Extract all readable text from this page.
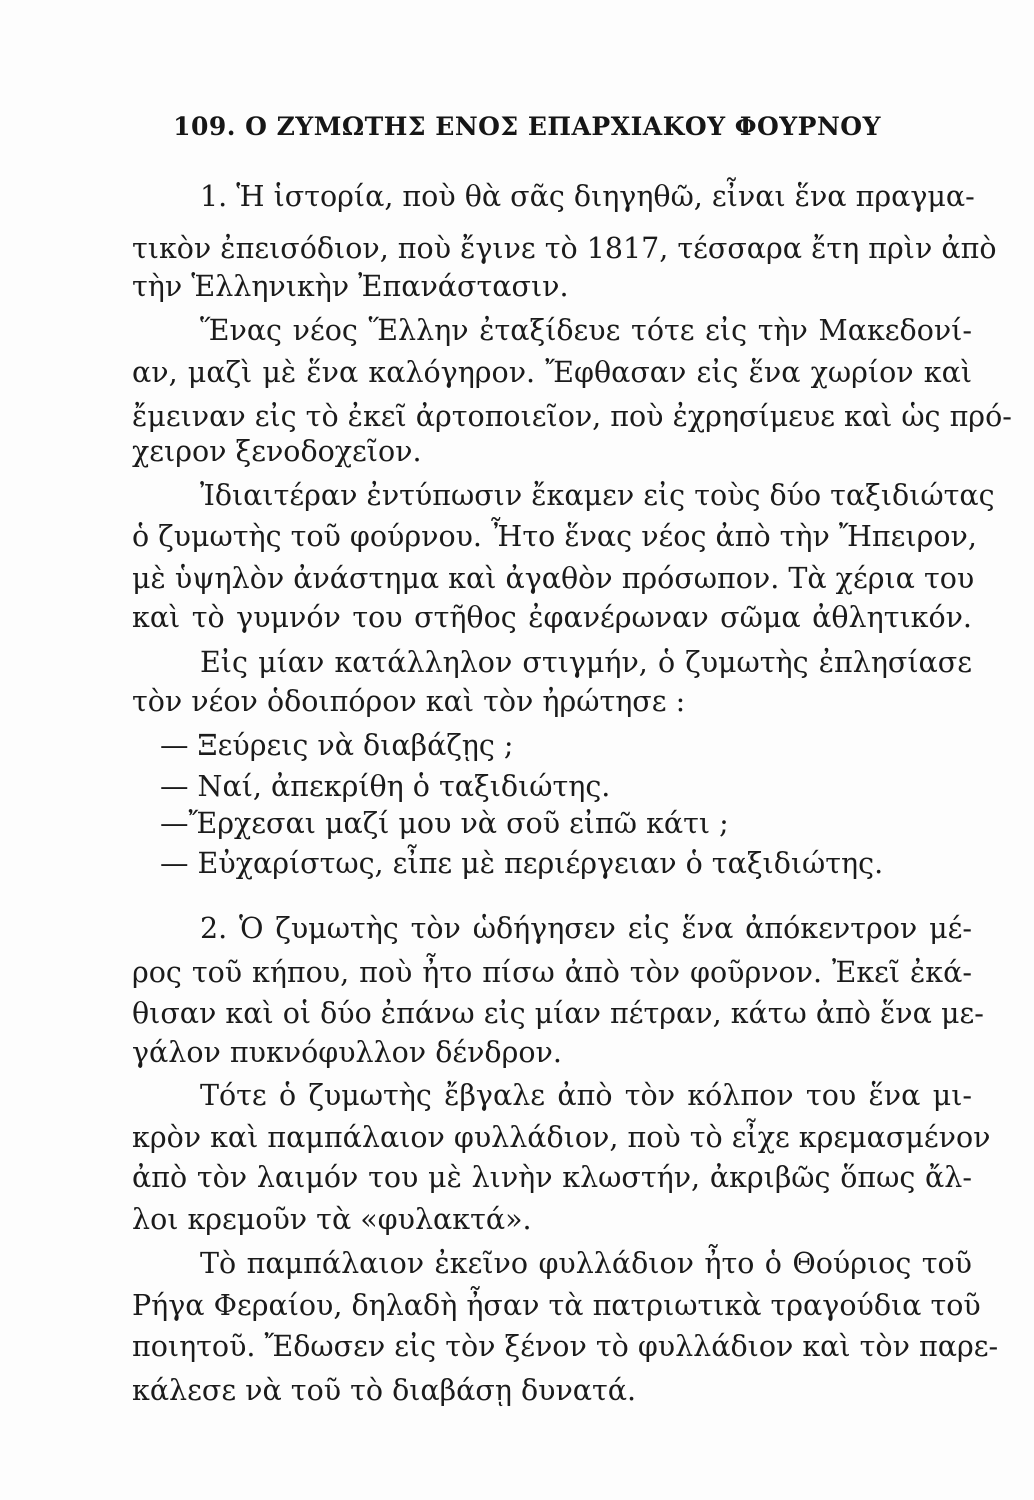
109. Ο ΖΥΜΩΤΗΣ ΕΝΟΣ ΕΠΑΡΧΙΑΚΟΥ ΦΟΥΡΝΟΥ
1. Ἡ ἱστορία, ποὺ θὰ σᾶς διηγηθῶ, εἶναι ἕνα πραγμα-
τικὸν ἐπεισόδιον, ποὺ ἔγινε τὸ 1817, τέσσαρα ἔτη πρὶν ἀπὸ
τὴν Ἑλληνικὴν Ἐπανάστασιν.
Ἕνας νέος Ἕλλην ἐταξίδευε τότε εἰς τὴν Μακεδονί-
αν, μαζὶ μὲ ἕνα καλόγηρον. Ἔφθασαν εἰς ἕνα χωρίον καὶ
ἔμειναν εἰς τὸ ἐκεῖ ἀρτοποιεῖον, ποὺ ἐχρησίμευε καὶ ὡς πρό-
χειρον ξενοδοχεῖον.
Ἰδιαιτέραν ἐντύπωσιν ἔκαμεν εἰς τοὺς δύο ταξιδιώτας
ὁ ζυμωτὴς τοῦ φούρνου. Ἦτο ἕνας νέος ἀπὸ τὴν Ἤπειρον,
μὲ ὑψηλὸν ἀνάστημα καὶ ἀγαθὸν πρόσωπον. Τὰ χέρια του
καὶ τὸ γυμνόν του στῆθος ἐφανέρωναν σῶμα ἀθλητικόν.
Εἰς μίαν κατάλληλον στιγμήν, ὁ ζυμωτὴς ἐπλησίασε
τὸν νέον ὁδοιπόρον καὶ τὸν ἠρώτησε :
— Ξεύρεις νὰ διαβάζῃς ;
— Ναί, ἀπεκρίθη ὁ ταξιδιώτης.
—Ἔρχεσαι μαζί μου νὰ σοῦ εἰπῶ κάτι ;
— Εὐχαρίστως, εἶπε μὲ περιέργειαν ὁ ταξιδιώτης.
2. Ὁ ζυμωτὴς τὸν ὡδήγησεν εἰς ἕνα ἀπόκεντρον μέ-
ρος τοῦ κήπου, ποὺ ἦτο πίσω ἀπὸ τὸν φοῦρνον. Ἐκεῖ ἐκά-
θισαν καὶ οἱ δύο ἐπάνω εἰς μίαν πέτραν, κάτω ἀπὸ ἕνα με-
γάλον πυκνόφυλλον δένδρον.
Τότε ὁ ζυμωτὴς ἔβγαλε ἀπὸ τὸν κόλπον του ἕνα μι-
κρὸν καὶ παμπάλαιον φυλλάδιον, ποὺ τὸ εἶχε κρεμασμένον
ἀπὸ τὸν λαιμόν του μὲ λινὴν κλωστήν, ἀκριβῶς ὅπως ἄλ-
λοι κρεμοῦν τὰ «φυλακτά».
Τὸ παμπάλαιον ἐκεῖνο φυλλάδιον ἦτο ὁ Θούριος τοῦ
Ρήγα Φεραίου, δηλαδὴ ἦσαν τὰ πατριωτικὰ τραγούδια τοῦ
ποιητοῦ. Ἔδωσεν εἰς τὸν ξένον τὸ φυλλάδιον καὶ τὸν παρε-
κάλεσε νὰ τοῦ τὸ διαβάσῃ δυνατά.
